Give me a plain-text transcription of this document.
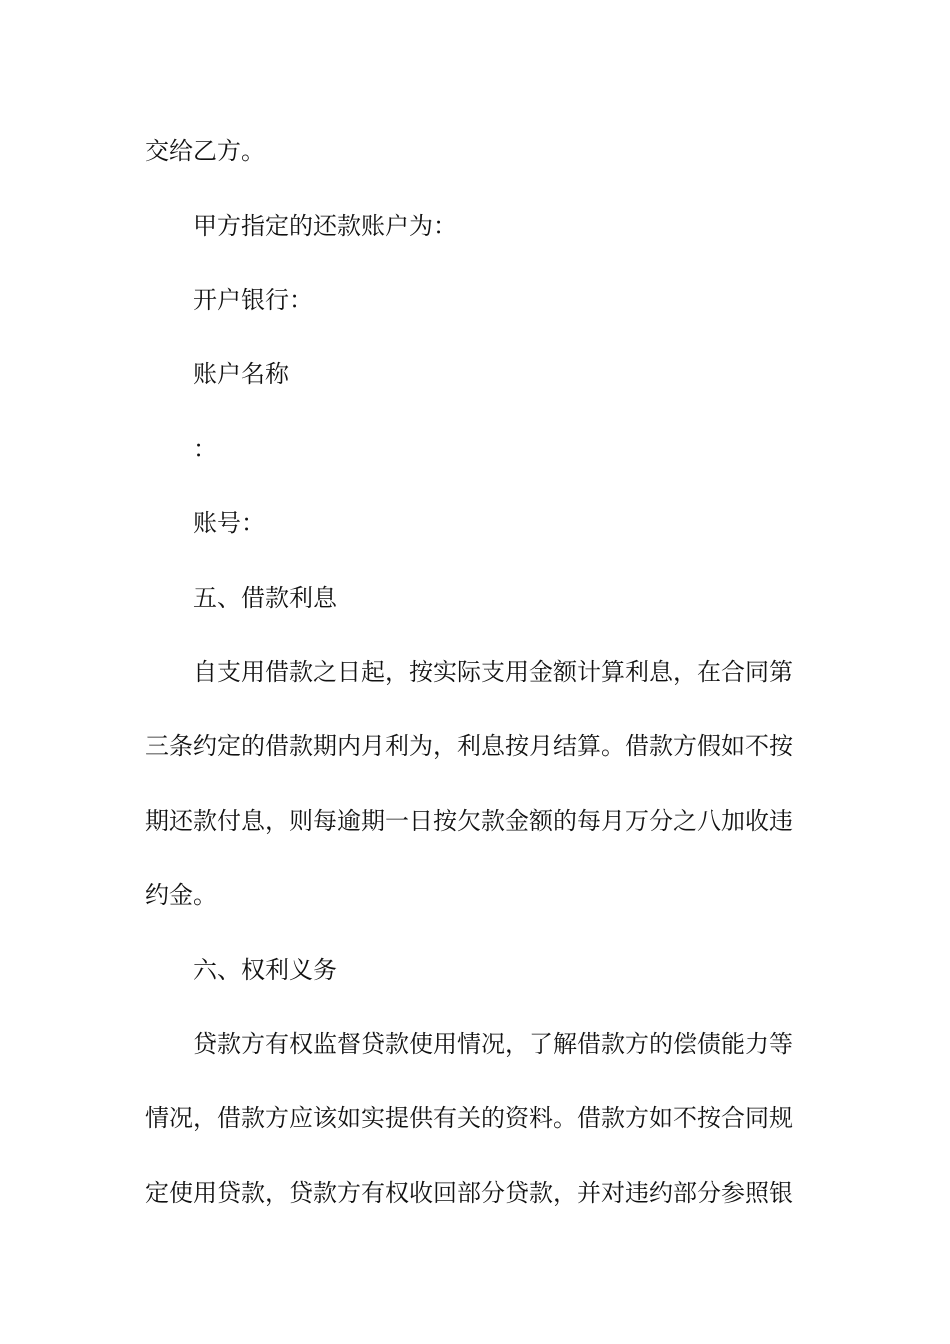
交给乙方。
甲方指定的还款账户为：
开户银行：
账户名称
：
账号：
五、借款利息
自支用借款之日起，按实际支用金额计算利息，在合同第
三条约定的借款期内月利为，利息按月结算。借款方假如不按
期还款付息，则每逾期一日按欠款金额的每月万分之八加收违
约金。
六、权利义务
贷款方有权监督贷款使用情况，了解借款方的偿债能力等
情况，借款方应该如实提供有关的资料。借款方如不按合同规
定使用贷款，贷款方有权收回部分贷款，并对违约部分参照银
